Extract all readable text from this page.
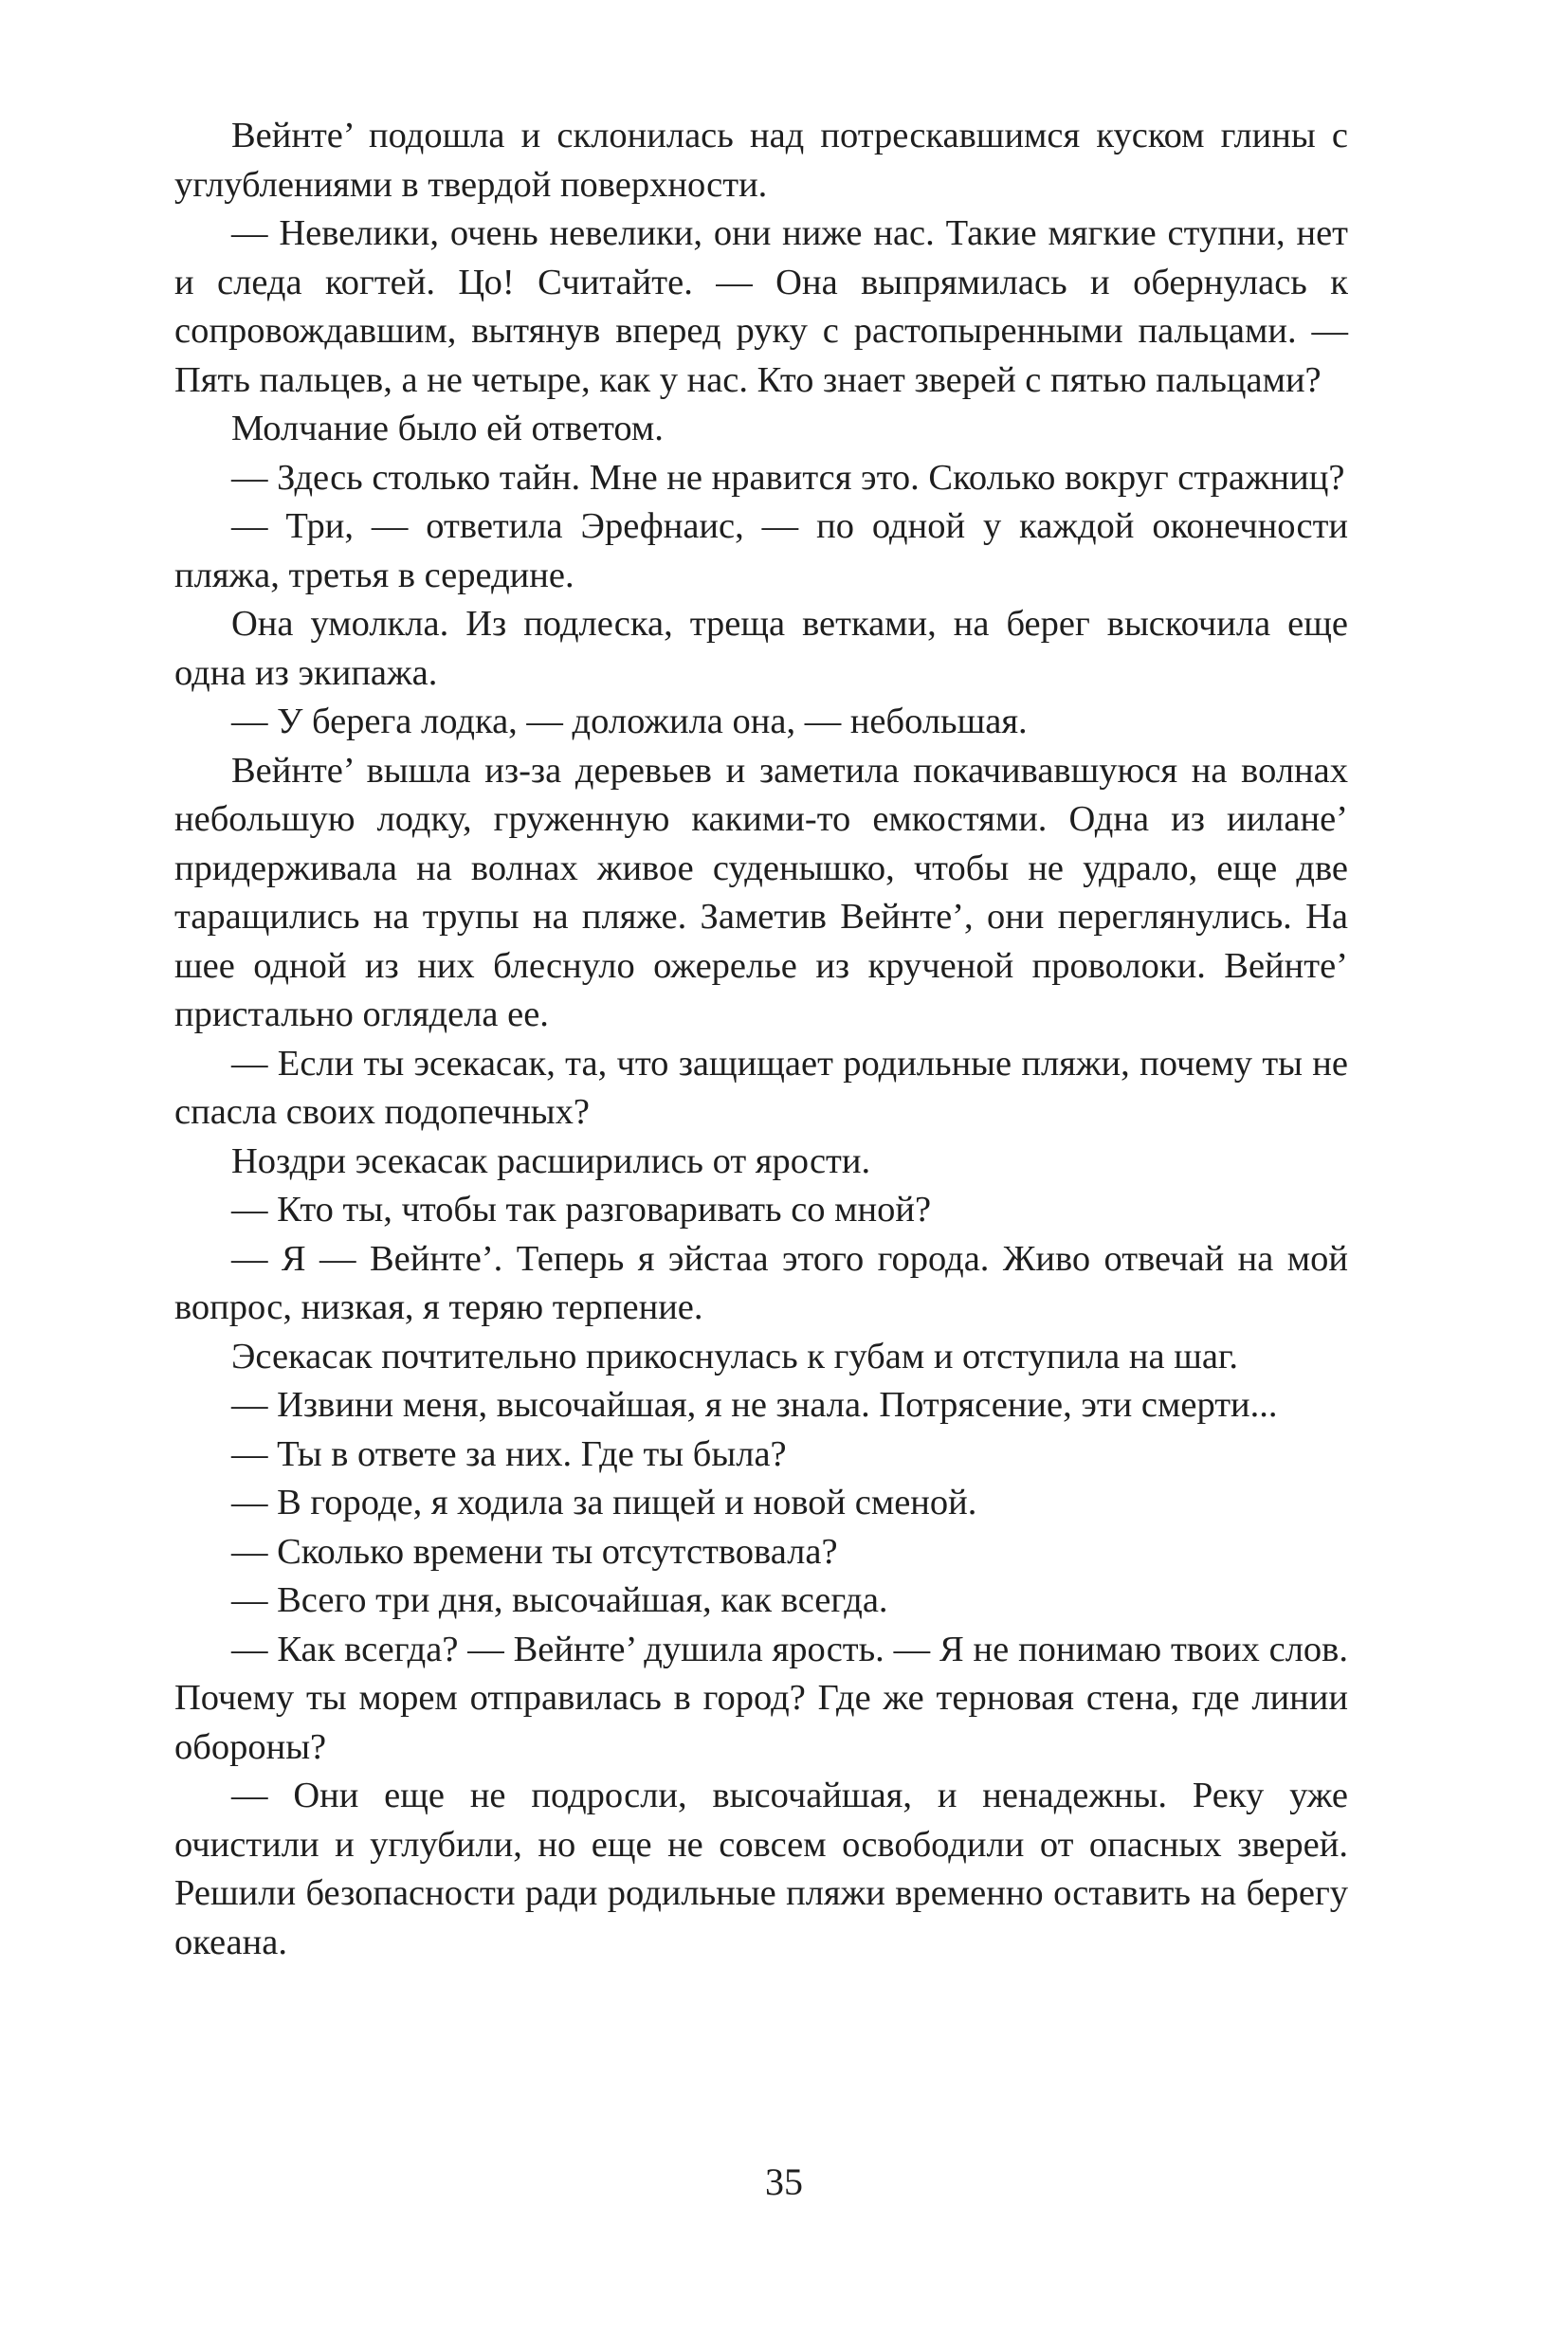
Вейнте’ подошла и склонилась над потрескавшимся куском глины с углублениями в твердой поверхности.

— Невелики, очень невелики, они ниже нас. Такие мягкие ступни, нет и следа когтей. Цо! Считайте. — Она выпрямилась и обернулась к сопровождавшим, вытянув вперед руку с растопыренными пальцами. — Пять пальцев, а не четыре, как у нас. Кто знает зверей с пятью пальцами?

Молчание было ей ответом.

— Здесь столько тайн. Мне не нравится это. Сколько вокруг стражниц?

— Три, — ответила Эрефнаис, — по одной у каждой оконечности пляжа, третья в середине.

Она умолкла. Из подлеска, треща ветками, на берег выскочила еще одна из экипажа.

— У берега лодка, — доложила она, — небольшая.

Вейнте’ вышла из-за деревьев и заметила покачивавшуюся на волнах небольшую лодку, груженную какими-то емкостями. Одна из иилане’ придерживала на волнах живое суденышко, чтобы не удрало, еще две таращились на трупы на пляже. Заметив Вейнте’, они переглянулись. На шее одной из них блеснуло ожерелье из крученой проволоки. Вейнте’ пристально оглядела ее.

— Если ты эсекасак, та, что защищает родильные пляжи, почему ты не спасла своих подопечных?

Ноздри эсекасак расширились от ярости.

— Кто ты, чтобы так разговаривать со мной?

— Я — Вейнте’. Теперь я эйстаа этого города. Живо отвечай на мой вопрос, низкая, я теряю терпение.

Эсекасак почтительно прикоснулась к губам и отступила на шаг.

— Извини меня, высочайшая, я не знала. Потрясение, эти смерти...

— Ты в ответе за них. Где ты была?

— В городе, я ходила за пищей и новой сменой.

— Сколько времени ты отсутствовала?

— Всего три дня, высочайшая, как всегда.

— Как всегда? — Вейнте’ душила ярость. — Я не понимаю твоих слов. Почему ты морем отправилась в город? Где же терновая стена, где линии обороны?

— Они еще не подросли, высочайшая, и ненадежны. Реку уже очистили и углубили, но еще не совсем освободили от опасных зверей. Решили безопасности ради родильные пляжи временно оставить на берегу океана.

35
